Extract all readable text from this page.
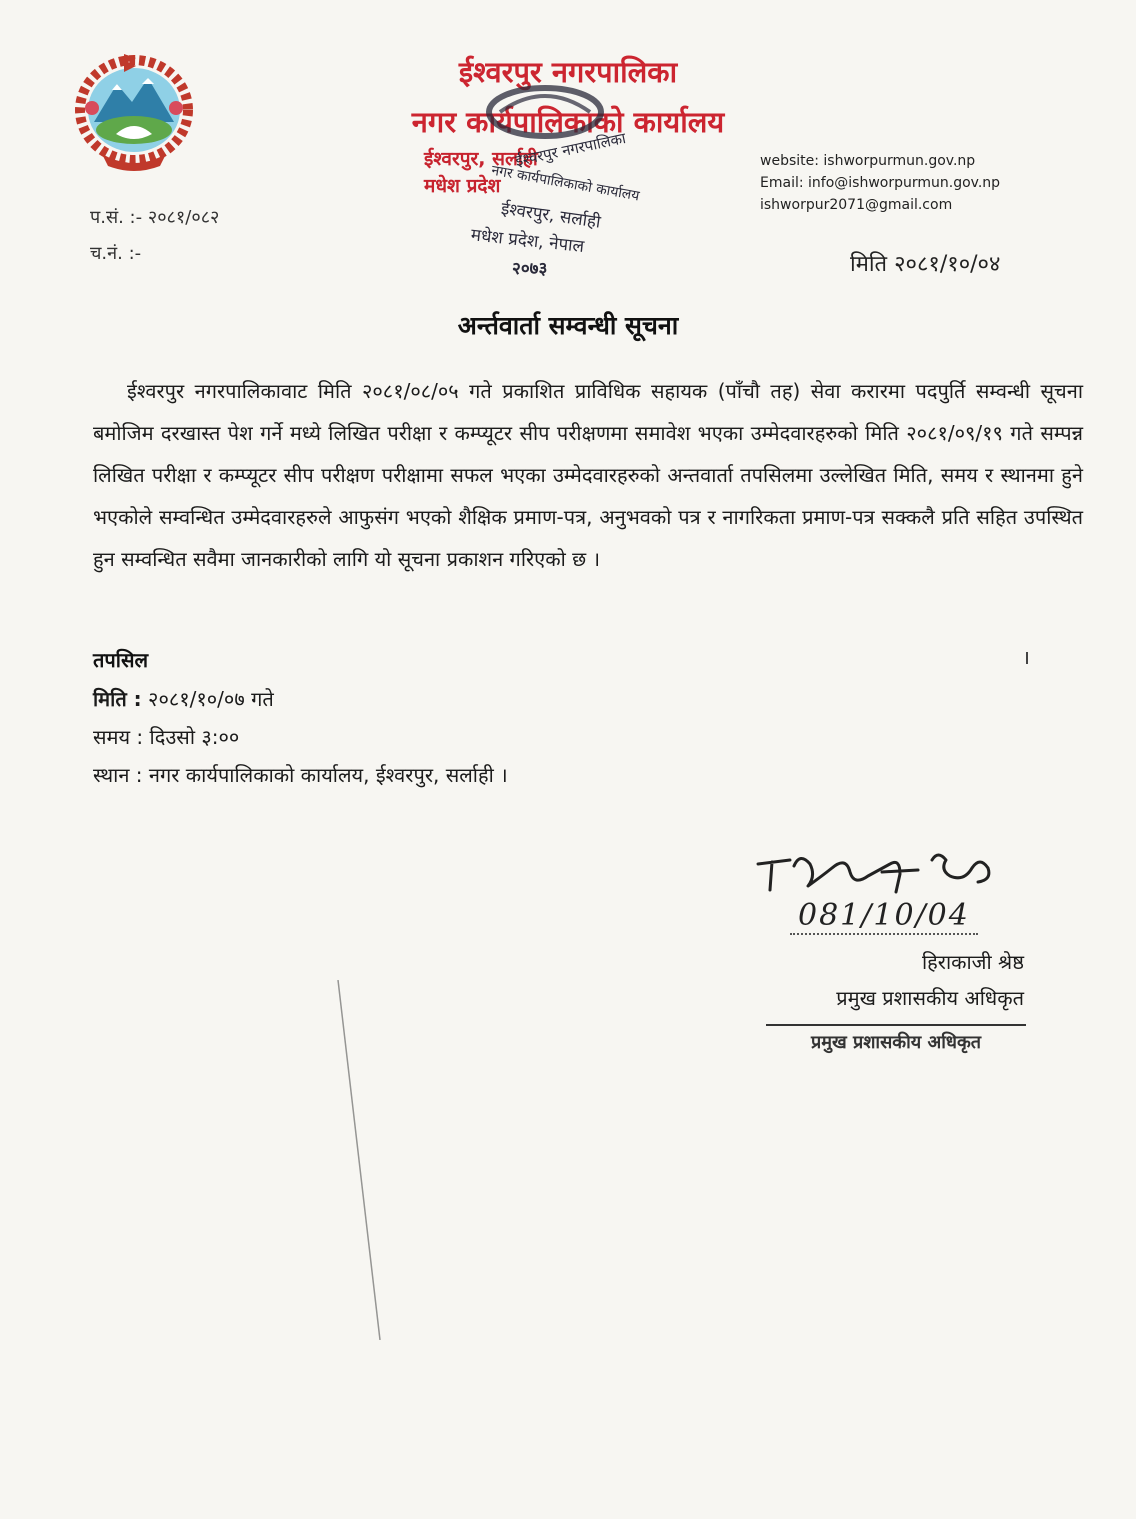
ईश्वरपुर नगरपालिका
नगर कार्यपालिकाको कार्यालय
ईश्वरपुर, सर्लाही
मधेश प्रदेश
ईश्वरपुर नगरपालिका
नगर कार्यपालिकाको कार्यालय
ईश्वरपुर, सर्लाही
मधेश प्रदेश, नेपाल
२०७३
website: ishworpurmun.gov.np
Email: info@ishworpurmun.gov.np
ishworpur2071@gmail.com
प.सं. :- २०८१/०८२
च.नं. :-	मिति २०८१/१०/०४
अर्न्तवार्ता सम्वन्धी सूचना
ईश्वरपुर नगरपालिकावाट मिति २०८१/०८/०५ गते प्रकाशित प्राविधिक सहायक (पाँचौ तह) सेवा करारमा पदपुर्ति सम्वन्धी सूचना बमोजिम दरखास्त पेश गर्ने मध्ये लिखित परीक्षा र कम्प्यूटर सीप परीक्षणमा समावेश भएका उम्मेदवारहरुको मिति २०८१/०९/१९ गते सम्पन्न लिखित परीक्षा र कम्प्यूटर सीप परीक्षण परीक्षामा सफल भएका उम्मेदवारहरुको अन्तवार्ता तपसिलमा उल्लेखित मिति, समय र स्थानमा हुने भएकोले सम्वन्धित उम्मेदवारहरुले आफुसंग भएको शैक्षिक प्रमाण-पत्र, अनुभवको पत्र र नागरिकता प्रमाण-पत्र सक्कलै प्रति सहित उपस्थित हुन सम्वन्धित सवैमा जानकारीको लागि यो सूचना प्रकाशन गरिएको छ ।
तपसिल
मिति : २०८१/१०/०७ गते
समय : दिउसो ३:००
स्थान : नगर कार्यपालिकाको कार्यालय, ईश्वरपुर, सर्लाही ।
081/10/04
हिराकाजी श्रेष्ठ
प्रमुख प्रशासकीय अधिकृत
प्रमुख प्रशासकीय अधिकृत
